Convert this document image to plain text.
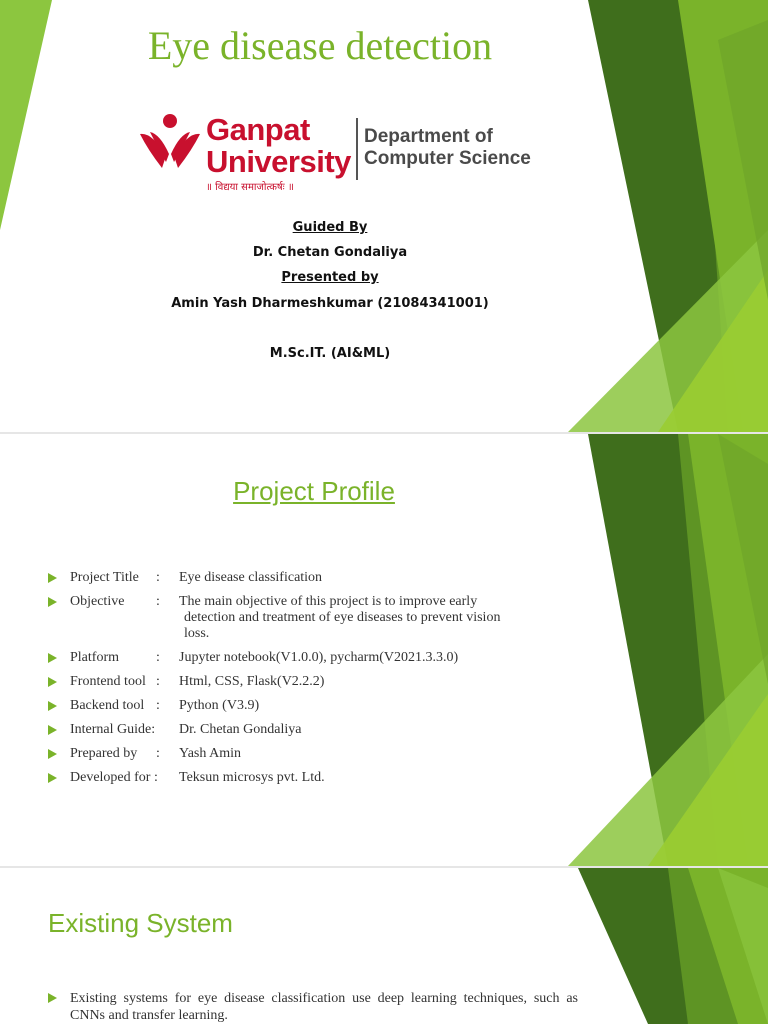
Eye disease detection
Ganpat
University
॥ विद्यया समाजोत्कर्षः ॥
Department of
Computer Science
Guided By
Dr. Chetan Gondaliya
Presented by
Amin Yash Dharmeshkumar (21084341001)
M.Sc.IT. (AI&ML)
Project Profile
Project Title : Eye disease classification
Objective : The main objective of this project is to improve early
detection and treatment of eye diseases to prevent vision
loss.
Platform	: Jupyter notebook(V1.0.0), pycharm(V2021.3.3.0)
Frontend tool : Html, CSS, Flask(V2.2.2)
Backend tool : Python (V3.9)
Internal Guide: Dr. Chetan Gondaliya
Prepared by : Yash Amin
Developed for : Teksun microsys pvt. Ltd.
Existing System
Existing systems for eye disease classification use deep learning techniques, such as CNNs and transfer learning.
